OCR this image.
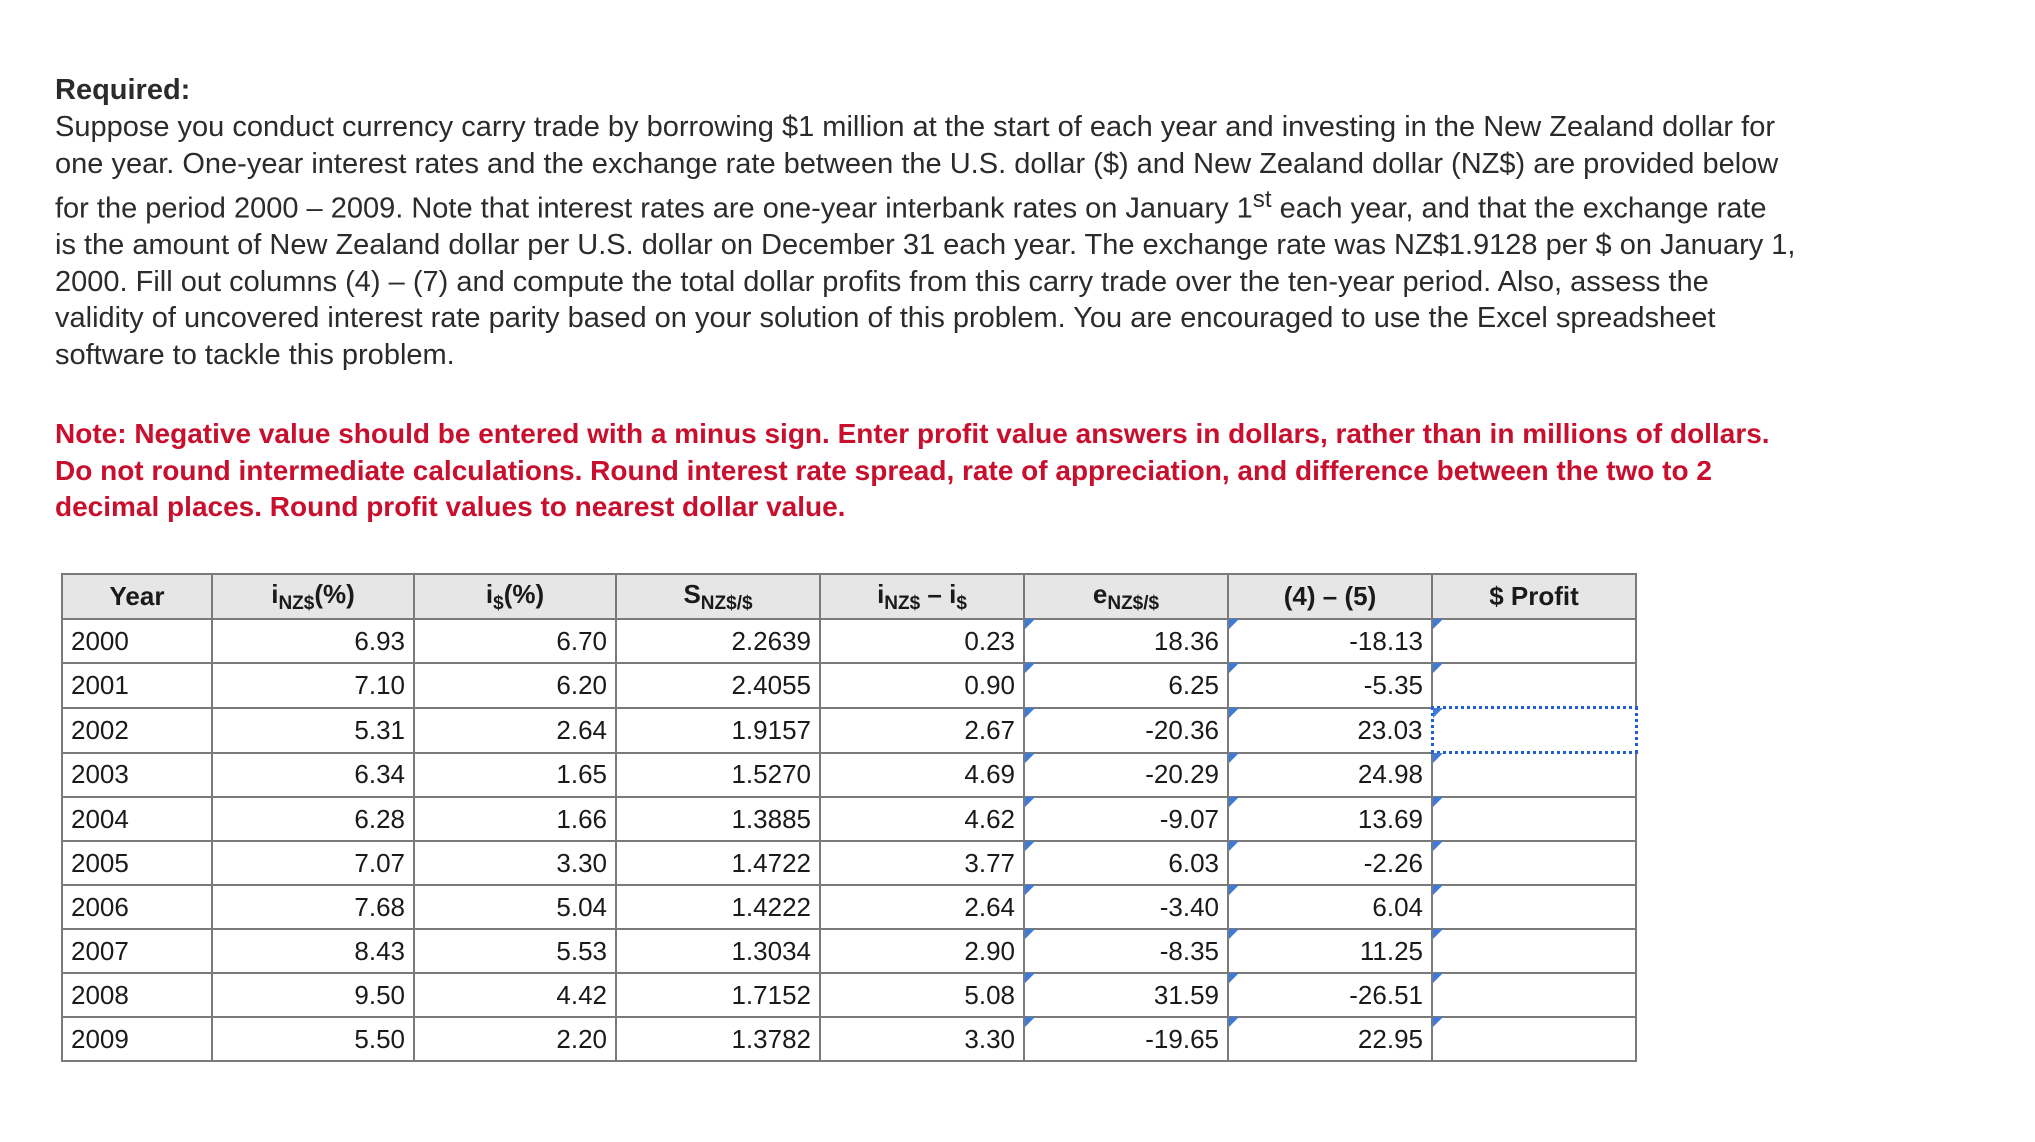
Required:

Suppose you conduct currency carry trade by borrowing $1 million at the start of each year and investing in the New Zealand dollar for

one year. One-year interest rates and the exchange rate between the U.S. dollar ($) and New Zealand dollar (NZ$) are provided below

for the period 2000 – 2009. Note that interest rates are one-year interbank rates on January 1st each year, and that the exchange rate

is the amount of New Zealand dollar per U.S. dollar on December 31 each year. The exchange rate was NZ$1.9128 per $ on January 1,

2000. Fill out columns (4) – (7) and compute the total dollar profits from this carry trade over the ten-year period. Also, assess the

validity of uncovered interest rate parity based on your solution of this problem. You are encouraged to use the Excel spreadsheet

software to tackle this problem.

Note: Negative value should be entered with a minus sign. Enter profit value answers in dollars, rather than in millions of dollars.
Do not round intermediate calculations. Round interest rate spread, rate of appreciation, and difference between the two to 2
decimal places. Round profit values to nearest dollar value.
Year	$i_{NZ\$}(\%)$	$i_{\$}(\%)$	$S_{NZ\$/\$}$	$i_{NZ\$} - i_{\$}$	$e_{NZ\$/\$}$	(4) – (5)	$ Profit
2000	6.93	6.70	2.2639	0.23	18.36	-18.13	
2001	7.10	6.20	2.4055	0.90	6.25	-5.35	
2002	5.31	2.64	1.9157	2.67	-20.36	23.03	
2003	6.34	1.65	1.5270	4.69	-20.29	24.98	
2004	6.28	1.66	1.3885	4.62	-9.07	13.69	
2005	7.07	3.30	1.4722	3.77	6.03	-2.26	
2006	7.68	5.04	1.4222	2.64	-3.40	6.04	
2007	8.43	5.53	1.3034	2.90	-8.35	11.25	
2008	9.50	4.42	1.7152	5.08	31.59	-26.51	
2009	5.50	2.20	1.3782	3.30	-19.65	22.95	
